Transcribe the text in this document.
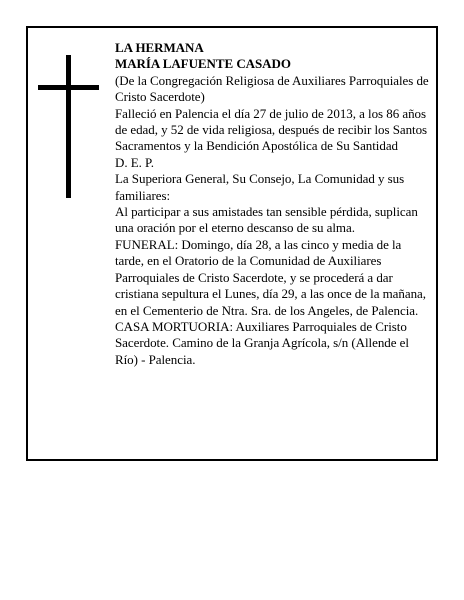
LA HERMANA
MARÍA LAFUENTE CASADO
(De la Congregación Religiosa de Auxiliares Parroquiales de Cristo Sacerdote)
Falleció en Palencia el día 27 de julio de 2013, a los 86 años de edad, y 52 de vida religiosa, después de recibir los Santos Sacramentos y la Bendición Apostólica de Su Santidad
D. E. P.
La Superiora General, Su Consejo, La Comunidad y sus familiares:
Al participar a sus amistades tan sensible pérdida, suplican una oración por el eterno descanso de su alma.
FUNERAL: Domingo, día 28, a las cinco y media de la tarde, en el Oratorio de la Comunidad de Auxiliares Parroquiales de Cristo Sacerdote, y se procederá a dar cristiana sepultura el Lunes, día 29, a las once de la mañana, en el Cementerio de Ntra. Sra. de los Angeles, de Palencia.
CASA MORTUORIA: Auxiliares Parroquiales de Cristo Sacerdote. Camino de la Granja Agrícola, s/n (Allende el Río) - Palencia.
